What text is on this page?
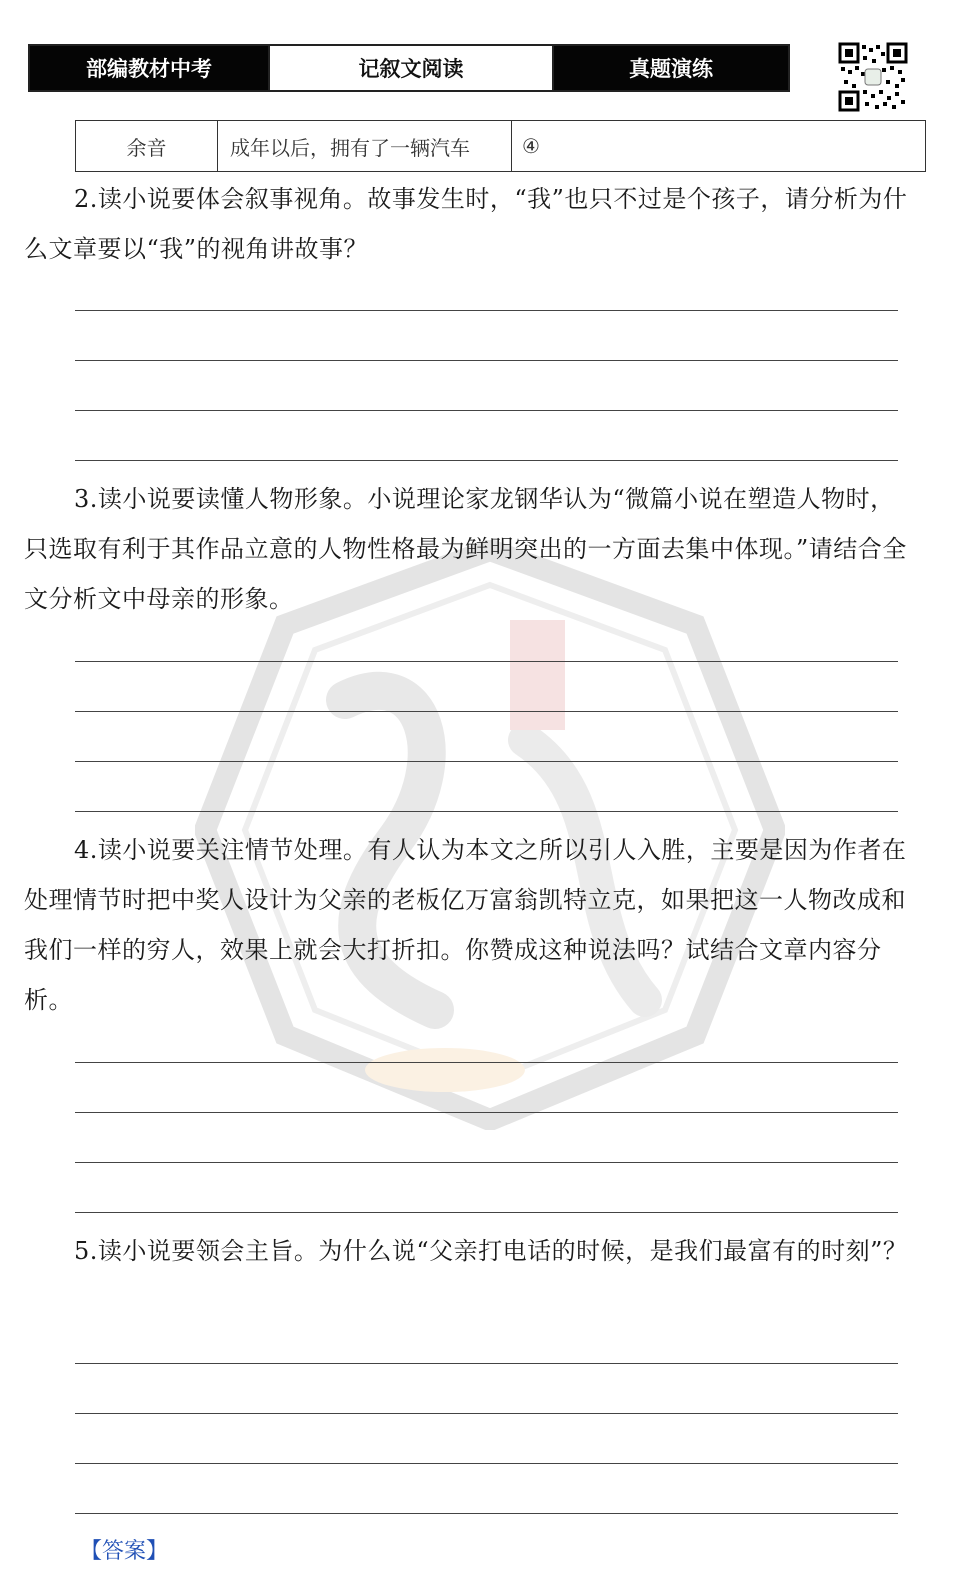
部编教材中考	记叙文阅读	真题演练
余音	成年以后，拥有了一辆汽车	④
2.读小说要体会叙事视角。故事发生时，“我”也只不过是个孩子，请分析为什么文章要以“我”的视角讲故事？
3.读小说要读懂人物形象。小说理论家龙钢华认为“微篇小说在塑造人物时，只选取有利于其作品立意的人物性格最为鲜明突出的一方面去集中体现。”请结合全文分析文中母亲的形象。
4.读小说要关注情节处理。有人认为本文之所以引人入胜，主要是因为作者在处理情节时把中奖人设计为父亲的老板亿万富翁凯特立克，如果把这一人物改成和我们一样的穷人，效果上就会大打折扣。你赞成这种说法吗？试结合文章内容分析。
5.读小说要领会主旨。为什么说“父亲打电话的时候，是我们最富有的时刻”？
【答案】
